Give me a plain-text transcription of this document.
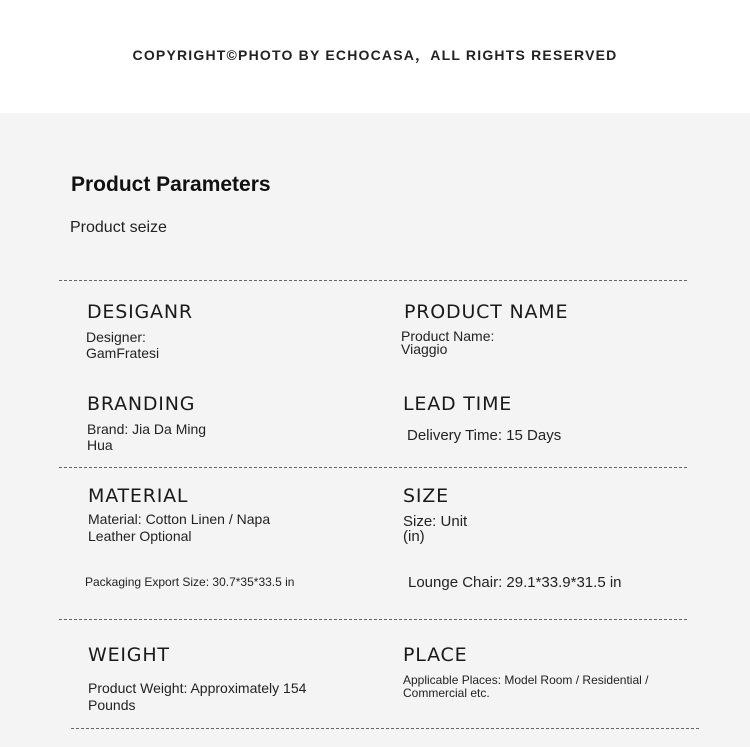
COPYRIGHT©PHOTO BY ECHOCASA，ALL RIGHTS RESERVED
Product Parameters
Product seize
DESIGANR
Designer:
GamFratesi
PRODUCT NAME
Product Name:
Viaggio
BRANDING
Brand: Jia Da Ming
Hua
LEAD TIME
Delivery Time: 15 Days
MATERIAL
Material: Cotton Linen / Napa
Leather Optional
SIZE
Size: Unit
(in)
Packaging Export Size: 30.7*35*33.5 in	Lounge Chair: 29.1*33.9*31.5 in
WEIGHT
Product Weight: Approximately 154
Pounds
PLACE
Applicable Places: Model Room / Residential /
Commercial etc.
